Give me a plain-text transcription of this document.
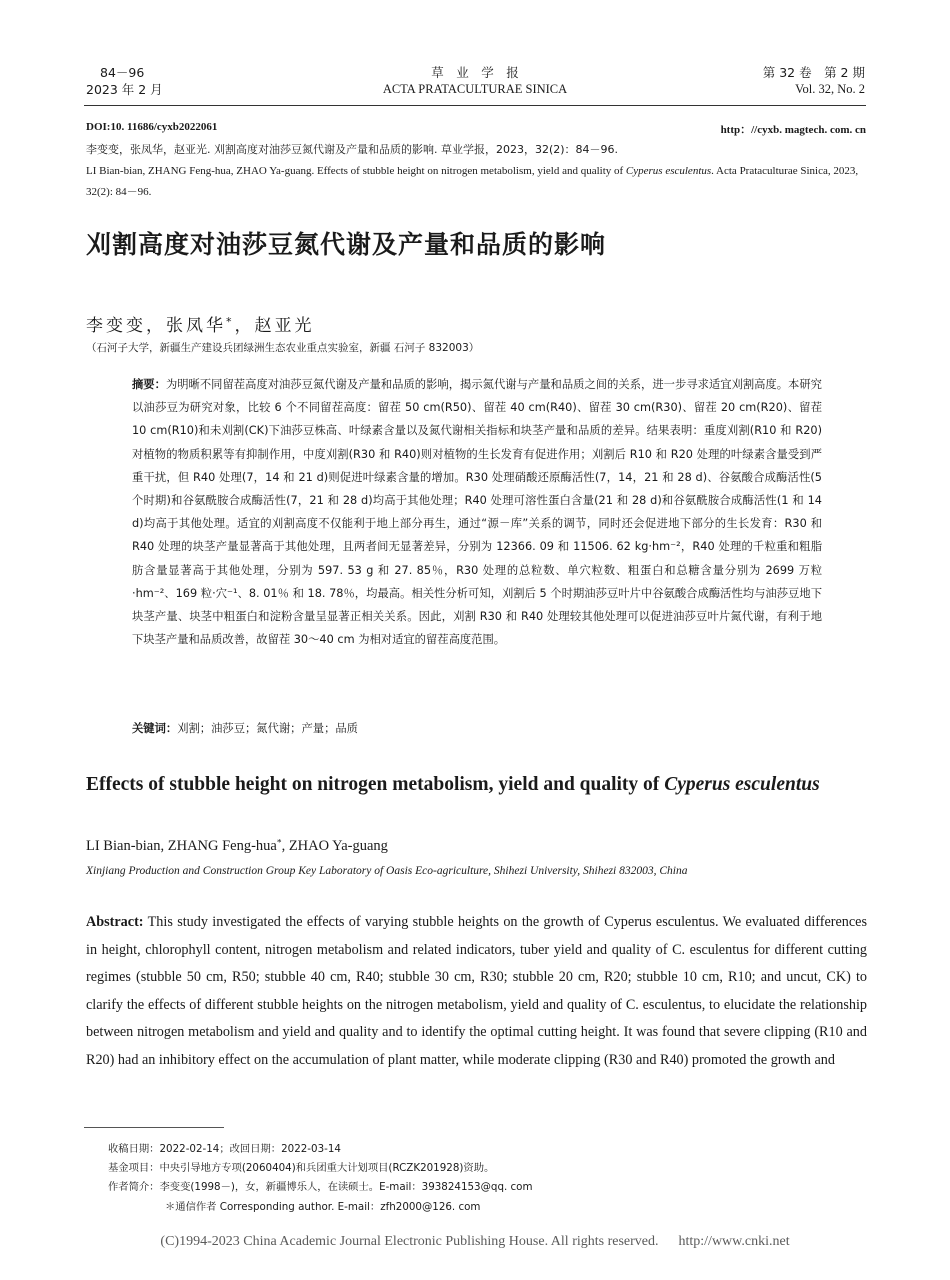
84－96
2023 年 2 月
草　业　学　报
ACTA PRATACULTURAE SINICA
第 32 卷　第 2 期
Vol. 32, No. 2
DOI:10. 11686/cyxb2022061	http：//cyxb. magtech. com. cn
李变变，张凤华，赵亚光. 刈割高度对油莎豆氮代谢及产量和品质的影响. 草业学报，2023，32(2)：84－96.
LI Bian-bian, ZHANG Feng-hua, ZHAO Ya-guang. Effects of stubble height on nitrogen metabolism, yield and quality of Cyperus esculentus. Acta Prataculturae Sinica, 2023, 32(2): 84－96.
刈割高度对油莎豆氮代谢及产量和品质的影响
李变变，张凤华*，赵亚光
（石河子大学，新疆生产建设兵团绿洲生态农业重点实验室，新疆 石河子 832003）

摘要：为明晰不同留茬高度对油莎豆氮代谢及产量和品质的影响，揭示氮代谢与产量和品质之间的关系，进一步寻求适宜刈割高度。本研究以油莎豆为研究对象，比较 6 个不同留茬高度：留茬 50 cm(R50)、留茬 40 cm(R40)、留茬 30 cm(R30)、留茬 20 cm(R20)、留茬 10 cm(R10)和未刈割(CK)下油莎豆株高、叶绿素含量以及氮代谢相关指标和块茎产量和品质的差异。结果表明：重度刈割(R10 和 R20)对植物的物质积累等有抑制作用，中度刈割(R30 和 R40)则对植物的生长发育有促进作用；刈割后 R10 和 R20 处理的叶绿素含量受到严重干扰，但 R40 处理(7，14 和 21 d)则促进叶绿素含量的增加。R30 处理硝酸还原酶活性(7，14，21 和 28 d)、谷氨酸合成酶活性(5 个时期)和谷氨酰胺合成酶活性(7，21 和 28 d)均高于其他处理；R40 处理可溶性蛋白含量(21 和 28 d)和谷氨酰胺合成酶活性(1 和 14 d)均高于其他处理。适宜的刈割高度不仅能利于地上部分再生，通过“源－库”关系的调节，同时还会促进地下部分的生长发育：R30 和 R40 处理的块茎产量显著高于其他处理，且两者间无显著差异，分别为 12366. 09 和 11506. 62 kg·hm⁻²，R40 处理的千粒重和粗脂肪含量显著高于其他处理，分别为 597. 53 g 和 27. 85％，R30 处理的总粒数、单穴粒数、粗蛋白和总糖含量分别为 2699 万粒·hm⁻²、169 粒·穴⁻¹、8. 01％ 和 18. 78％，均最高。相关性分析可知，刈割后 5 个时期油莎豆叶片中谷氨酸合成酶活性均与油莎豆地下块茎产量、块茎中粗蛋白和淀粉含量呈显著正相关关系。因此，刈割 R30 和 R40 处理较其他处理可以促进油莎豆叶片氮代谢，有利于地下块茎产量和品质改善，故留茬 30～40 cm 为相对适宜的留茬高度范围。

关键词：刈割；油莎豆；氮代谢；产量；品质
Effects of stubble height on nitrogen metabolism, yield and quality of Cyperus esculentus
LI Bian-bian, ZHANG Feng-hua*, ZHAO Ya-guang
Xinjiang Production and Construction Group Key Laboratory of Oasis Eco-agriculture, Shihezi University, Shihezi 832003, China

Abstract: This study investigated the effects of varying stubble heights on the growth of Cyperus esculentus. We evaluated differences in height, chlorophyll content, nitrogen metabolism and related indicators, tuber yield and quality of C. esculentus for different cutting regimes (stubble 50 cm, R50; stubble 40 cm, R40; stubble 30 cm, R30; stubble 20 cm, R20; stubble 10 cm, R10; and uncut, CK) to clarify the effects of different stubble heights on the nitrogen metabolism, yield and quality of C. esculentus, to elucidate the relationship between nitrogen metabolism and yield and quality and to identify the optimal cutting height. It was found that severe clipping (R10 and R20) had an inhibitory effect on the accumulation of plant matter, while moderate clipping (R30 and R40) promoted the growth and

收稿日期：2022-02-14；改回日期：2022-03-14
基金项目：中央引导地方专项(2060404)和兵团重大计划项目(RCZK201928)资助。
作者简介：李变变(1998－)，女，新疆博乐人，在读硕士。E-mail：393824153@qq. com
＊通信作者 Corresponding author. E-mail：zfh2000@126. com
(C)1994-2023 China Academic Journal Electronic Publishing House. All rights reserved. http://www.cnki.net
